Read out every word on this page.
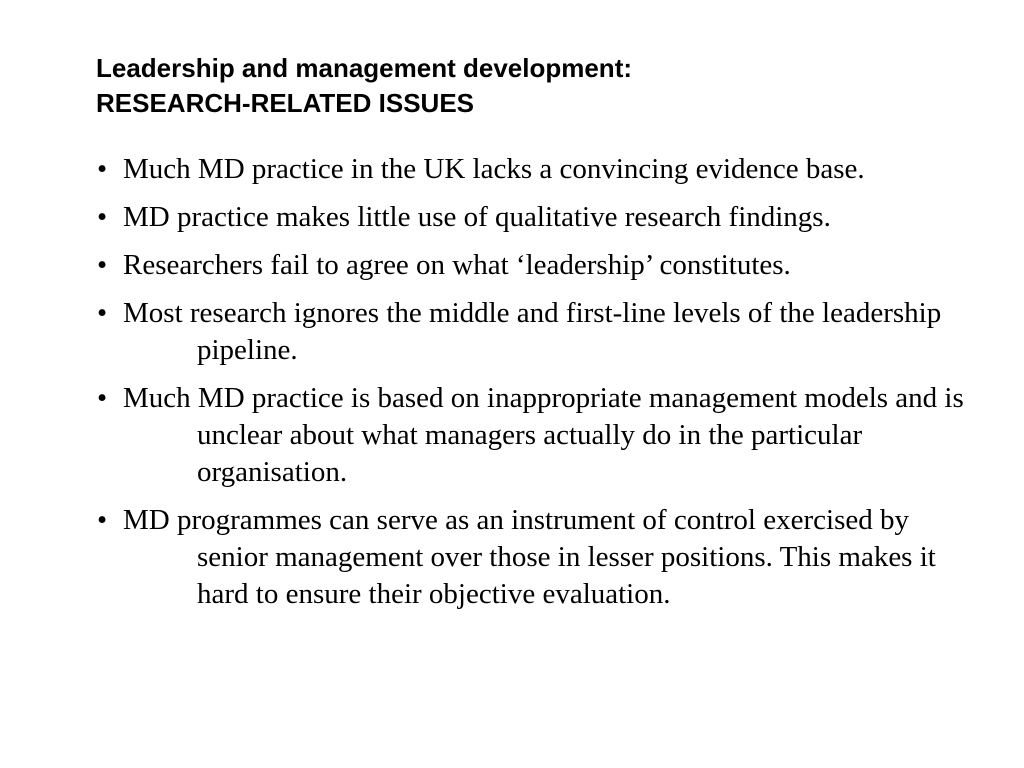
Leadership and management development:
RESEARCH-RELATED ISSUES
• Much MD practice in the UK lacks a convincing evidence base.
• MD practice makes little use of qualitative research findings.
• Researchers fail to agree on what ‘leadership’ constitutes.
• Most research ignores the middle and first-line levels of the leadership pipeline.
• Much MD practice is based on inappropriate management models and is unclear about what managers actually do in the particular organisation.
• MD programmes can serve as an instrument of control exercised by senior management over those in lesser positions. This makes it hard to ensure their objective evaluation.
